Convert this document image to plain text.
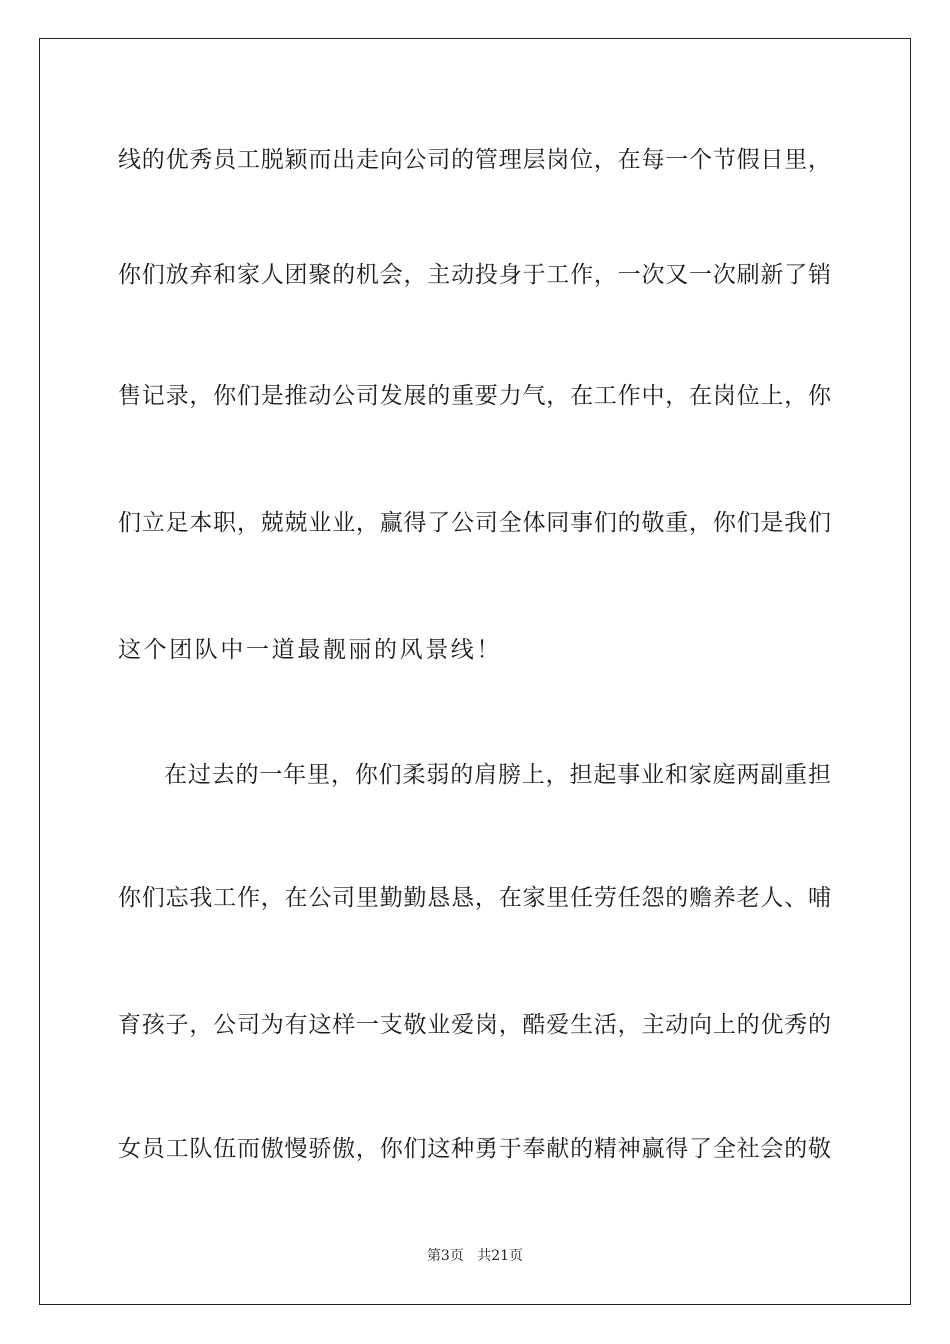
线的优秀员工脱颖而出走向公司的管理层岗位，在每一个节假日里，
你们放弃和家人团聚的机会，主动投身于工作，一次又一次刷新了销
售记录，你们是推动公司发展的重要力气，在工作中，在岗位上，你
们立足本职，兢兢业业，赢得了公司全体同事们的敬重，你们是我们
这个团队中一道最靓丽的风景线！
在过去的一年里，你们柔弱的肩膀上，担起事业和家庭两副重担
你们忘我工作，在公司里勤勤恳恳，在家里任劳任怨的赡养老人、哺
育孩子，公司为有这样一支敬业爱岗，酷爱生活，主动向上的优秀的
女员工队伍而傲慢骄傲，你们这种勇于奉献的精神赢得了全社会的敬
第3页 共21页
